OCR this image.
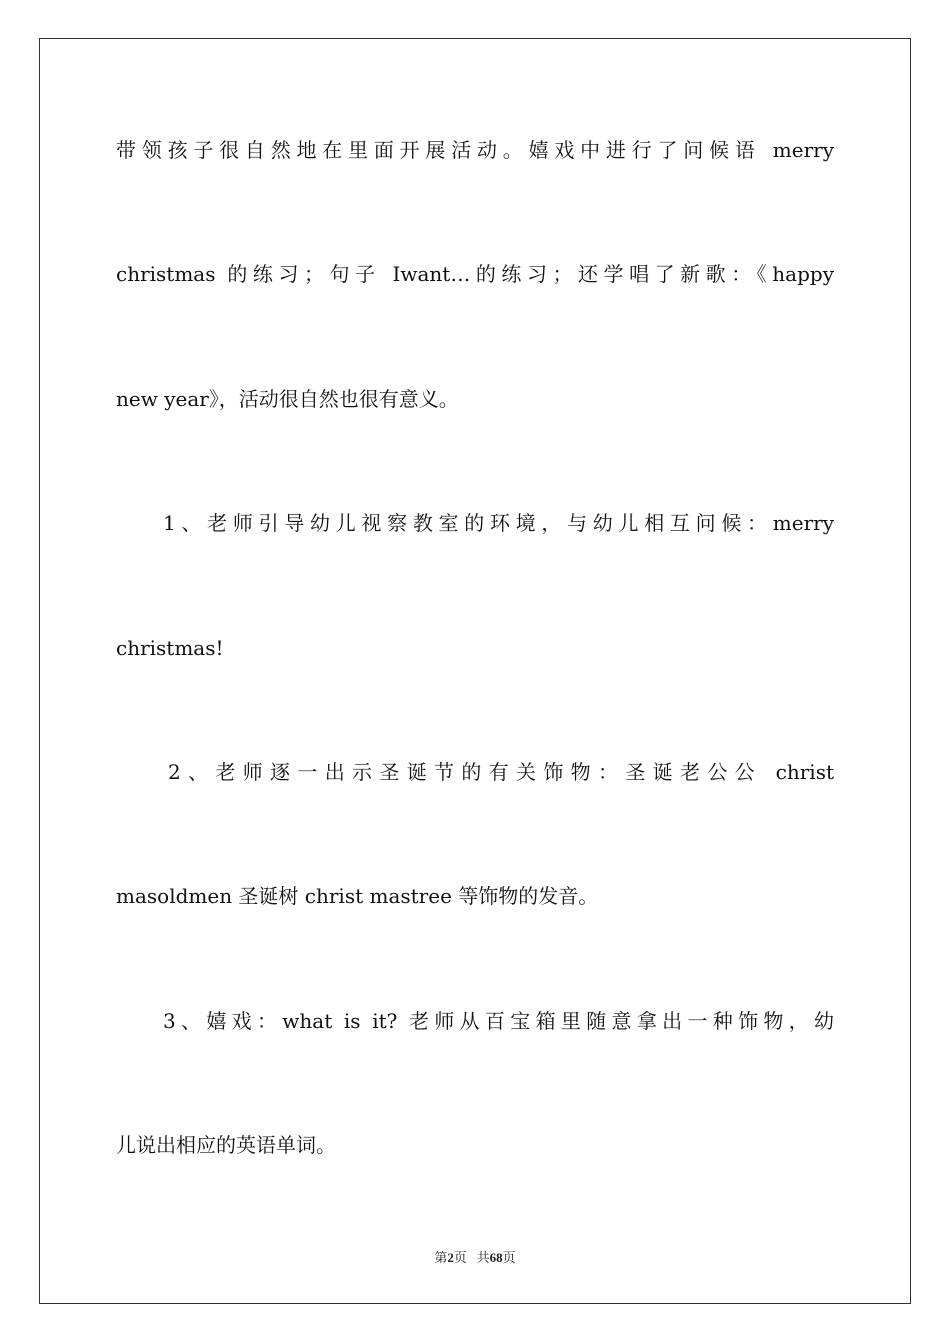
带领孩子很自然地在里面开展活动。嬉戏中进行了问候语 merry
christmas 的练习；句子 Iwant…的练习；还学唱了新歌：《happy
new year》，活动很自然也很有意义。
1、老师引导幼儿视察教室的环境，与幼儿相互问候：merry
christmas!
2、老师逐一出示圣诞节的有关饰物：圣诞老公公 christ
masoldmen 圣诞树 christ mastree 等饰物的发音。
3、嬉戏：what is it? 老师从百宝箱里随意拿出一种饰物，幼
儿说出相应的英语单词。
第2页 共68页
